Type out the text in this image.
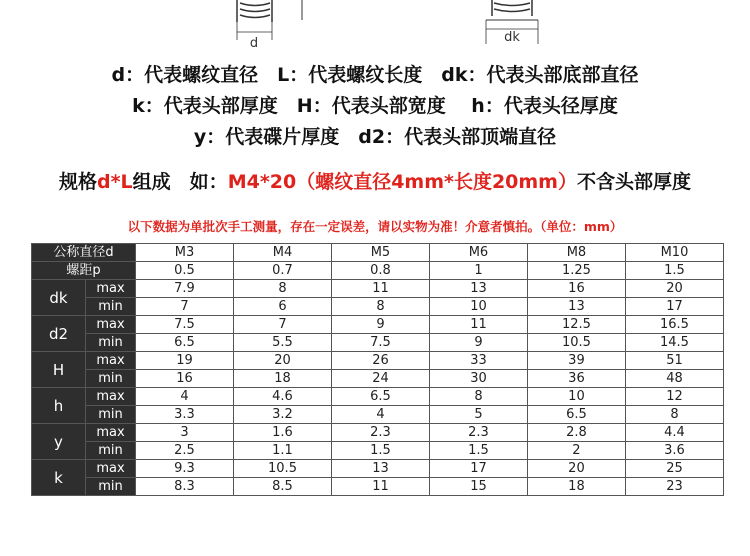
d	dk
d：代表螺纹直径　L：代表螺纹长度　dk：代表头部底部直径
k：代表头部厚度　H：代表头部宽度　 h：代表头径厚度
y：代表碟片厚度　d2：代表头部顶端直径
规格d*L组成　如：M4*20（螺纹直径4mm*长度20mm）不含头部厚度
以下数据为单批次手工测量，存在一定误差，请以实物为准！介意者慎拍。（单位：mm）
公称直径d		M3	M4	M5	M6	M8	M10
螺距p		0.5	0.7	0.8	1	1.25	1.5
dk	max	7.9	8	11	13	16	20
	min	7	6	8	10	13	17
d2	max	7.5	7	9	11	12.5	16.5
	min	6.5	5.5	7.5	9	10.5	14.5
H	max	19	20	26	33	39	51
	min	16	18	24	30	36	48
h	max	4	4.6	6.5	8	10	12
	min	3.3	3.2	4	5	6.5	8
y	max	3	1.6	2.3	2.3	2.8	4.4
	min	2.5	1.1	1.5	1.5	2	3.6
k	max	9.3	10.5	13	17	20	25
	min	8.3	8.5	11	15	18	23
